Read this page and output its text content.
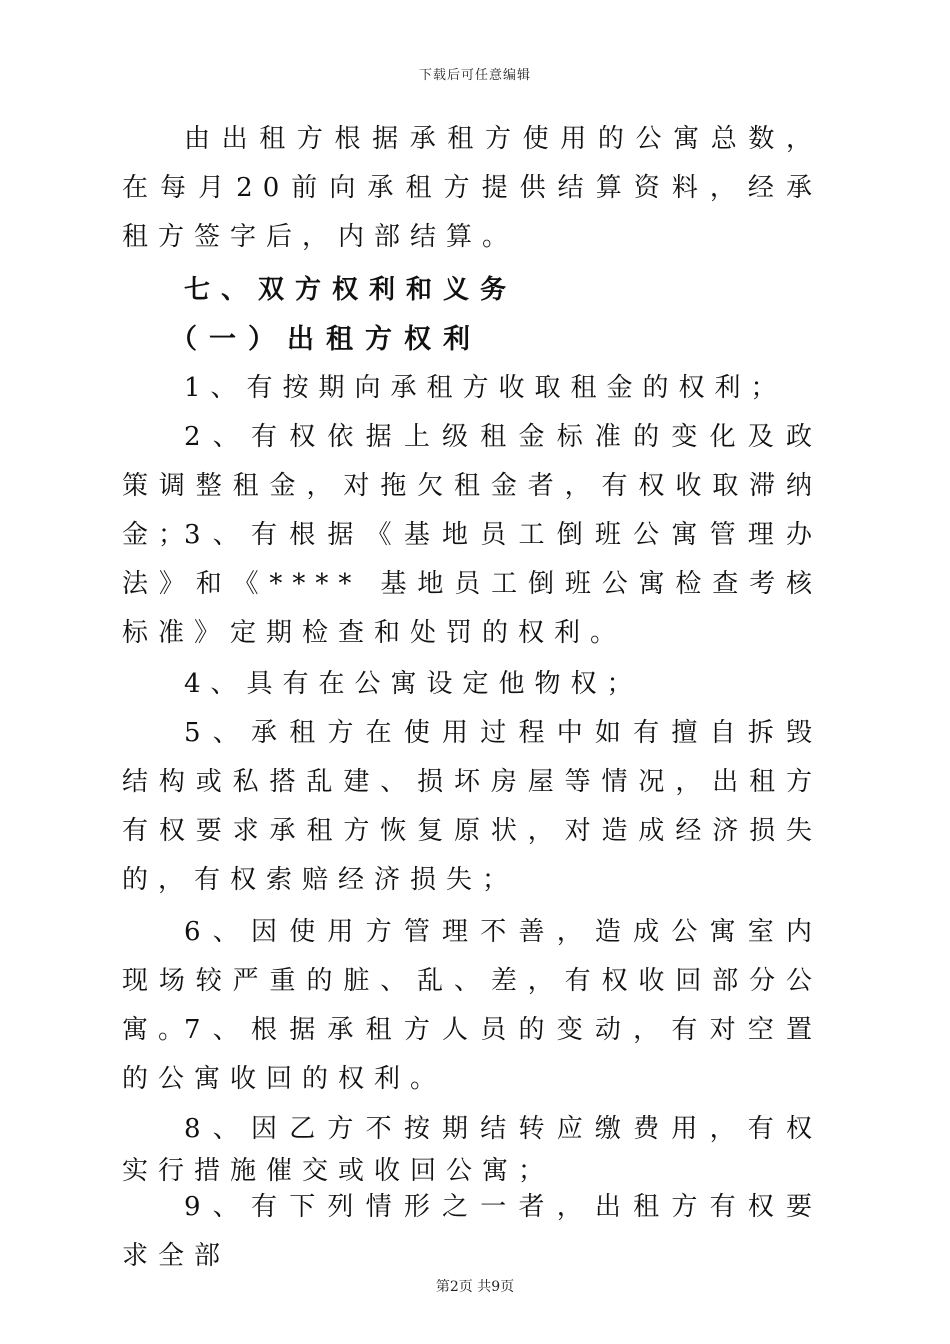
下载后可任意编辑
由出租方根据承租方使用的公寓总数，在每月20前向承租方提供结算资料，经承租方签字后，内部结算。
七、双方权利和义务
（一）出租方权利
1、有按期向承租方收取租金的权利；
2、有权依据上级租金标准的变化及政策调整租金，对拖欠租金者，有权收取滞纳金；
3、有根据《基地员工倒班公寓管理办法》和《**** 基地员工倒班公寓检查考核标准》定期检查和处罚的权利。
4、具有在公寓设定他物权；
5、承租方在使用过程中如有擅自拆毁结构或私搭乱建、损坏房屋等情况，出租方有权要求承租方恢复原状，对造成经济损失的，有权索赔经济损失；
6、因使用方管理不善，造成公寓室内现场较严重的脏、乱、差，有权收回部分公寓。
7、根据承租方人员的变动，有对空置的公寓收回的权利。
8、因乙方不按期结转应缴费用，有权实行措施催交或收回公寓；
9、有下列情形之一者，出租方有权要求全部
第2页 共9页
